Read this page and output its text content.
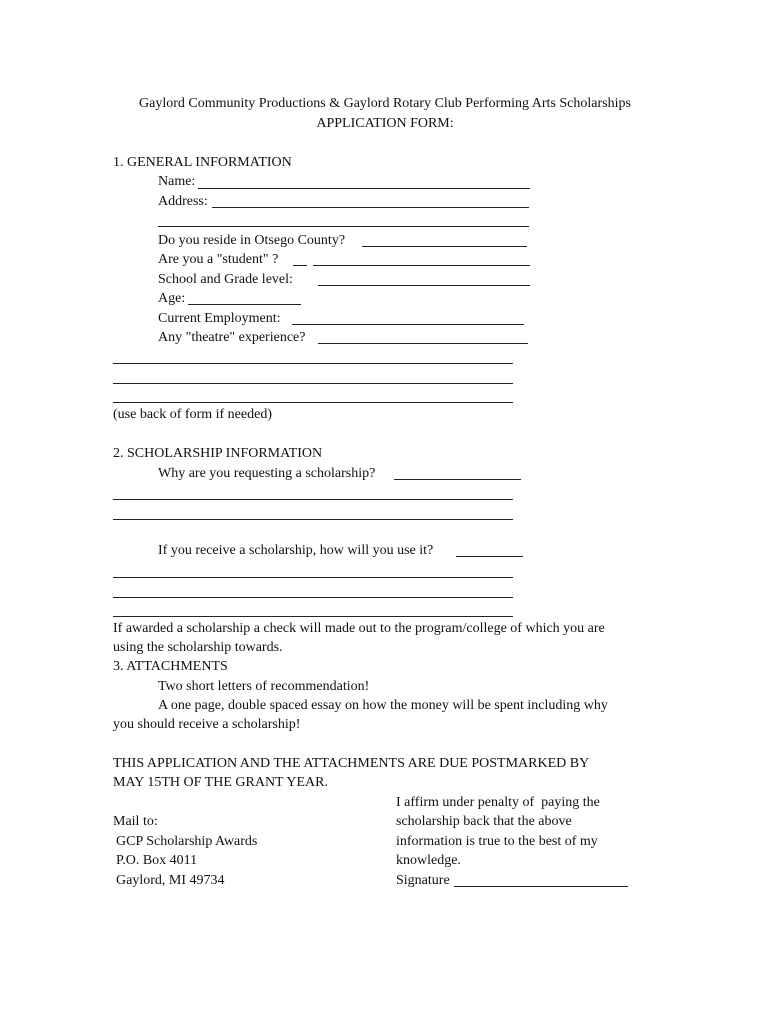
Gaylord Community Productions & Gaylord Rotary Club Performing Arts Scholarships
APPLICATION FORM:
1. GENERAL INFORMATION
Name:
Address:
Do you reside in Otsego County?
Are you a "student" ?
School and Grade level:
Age:
Current Employment:
Any "theatre" experience?
(use back of form if needed)
2. SCHOLARSHIP INFORMATION
Why are you requesting a scholarship?
If you receive a scholarship, how will you use it?
If awarded a scholarship a check will made out to the program/college of which you are
using the scholarship towards.
3. ATTACHMENTS
Two short letters of recommendation!
A one page, double spaced essay on how the money will be spent including why
you should receive a scholarship!
THIS APPLICATION AND THE ATTACHMENTS ARE DUE POSTMARKED BY
MAY 15TH OF THE GRANT YEAR.
Mail to:
GCP Scholarship Awards
P.O. Box 4011
Gaylord, MI 49734
I affirm under penalty of  paying the
scholarship back that the above
information is true to the best of my
knowledge.
Signature
